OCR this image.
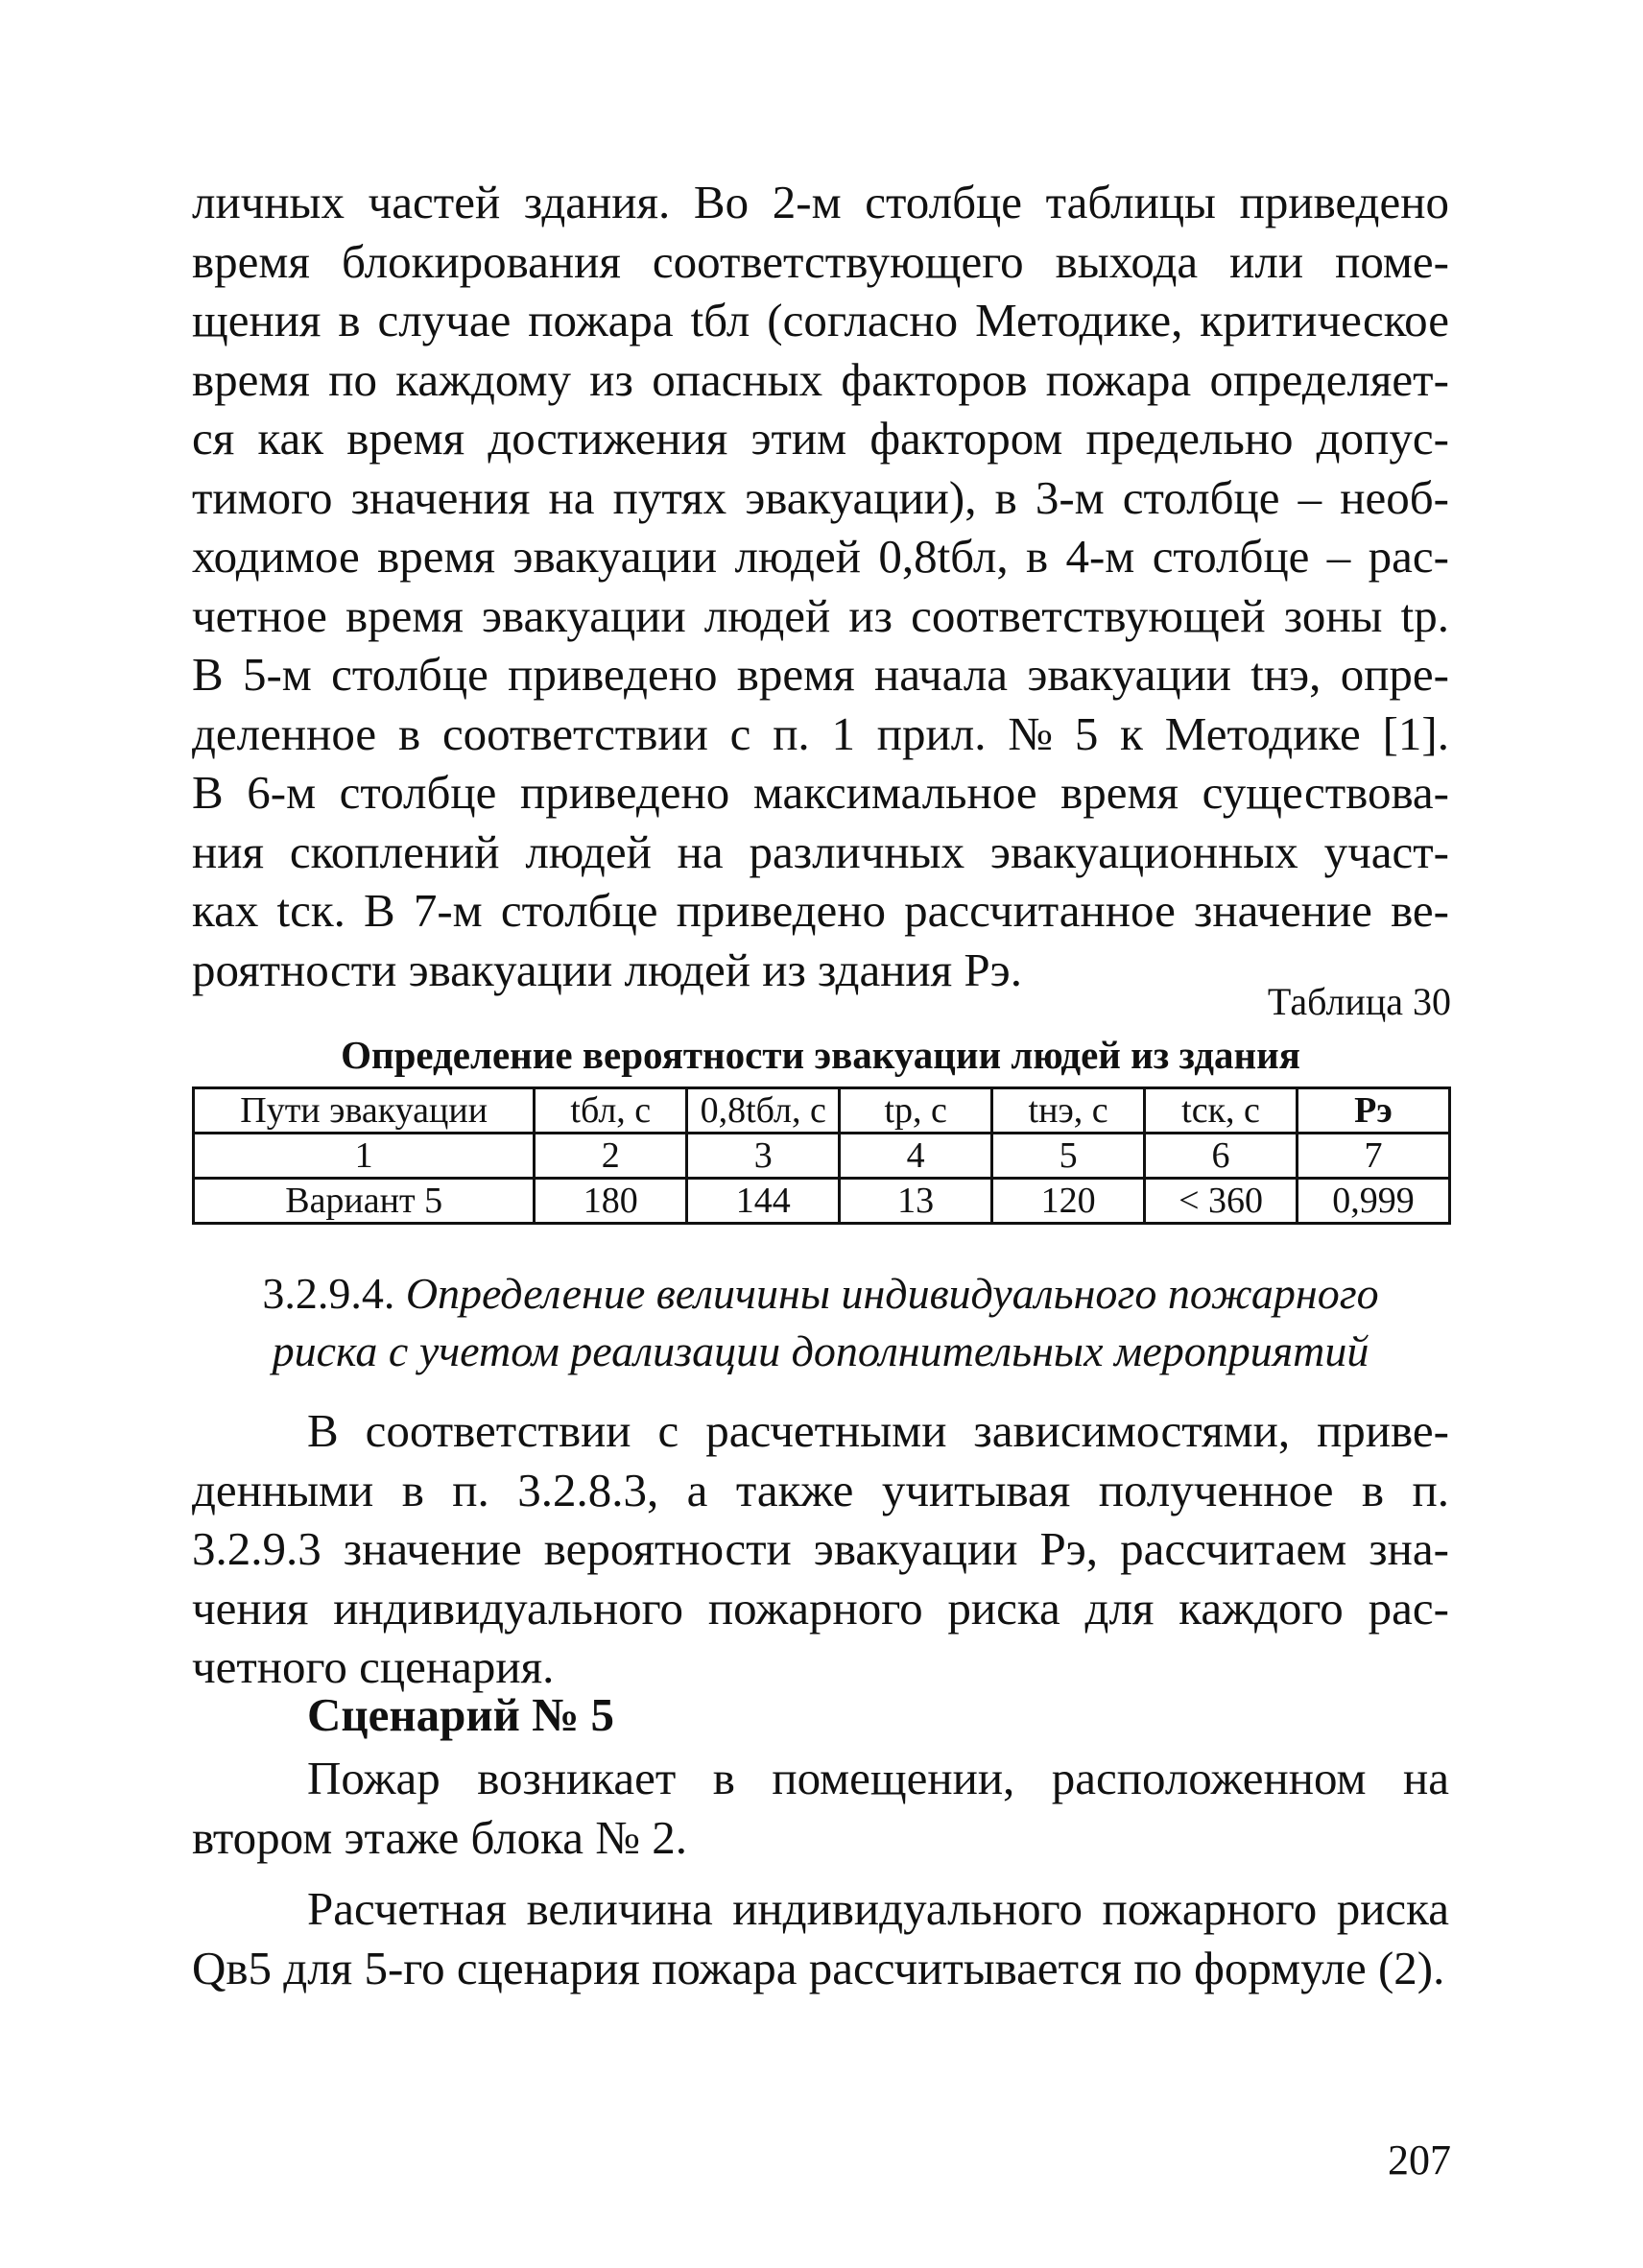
личных частей здания. Во 2-м столбце таблицы приведено
время блокирования соответствующего выхода или поме-
щения в случае пожара tбл (согласно Методике, критическое
время по каждому из опасных факторов пожара определяет-
ся как время достижения этим фактором предельно допус-
тимого значения на путях эвакуации), в 3-м столбце – необ-
ходимое время эвакуации людей 0,8tбл, в 4-м столбце – рас-
четное время эвакуации людей из соответствующей зоны tр.
В 5-м столбце приведено время начала эвакуации tнэ, опре-
деленное в соответствии с п. 1 прил. № 5 к Методике [1].
В 6-м столбце приведено максимальное время существова-
ния скоплений людей на различных эвакуационных участ-
ках tск. В 7-м столбце приведено рассчитанное значение ве-
роятности эвакуации людей из здания Pэ.
Таблица 30
Определение вероятности эвакуации людей из здания
Пути эвакуации	tбл, с	0,8tбл, с	tр, с	tнэ, с	tск, с	Pэ
1	2	3	4	5	6	7
Вариант 5	180	144	13	120	< 360	0,999
3.2.9.4. Определение величины индивидуального пожарного
риска с учетом реализации дополнительных мероприятий
В соответствии с расчетными зависимостями, приве-
денными в п. 3.2.8.3, а также учитывая полученное в п.
3.2.9.3 значение вероятности эвакуации Pэ, рассчитаем зна-
чения индивидуального пожарного риска для каждого рас-
четного сценария.
Сценарий № 5
Пожар возникает в помещении, расположенном на
втором этаже блока № 2.
Расчетная величина индивидуального пожарного риска
Qв5 для 5-го сценария пожара рассчитывается по формуле (2).
207
